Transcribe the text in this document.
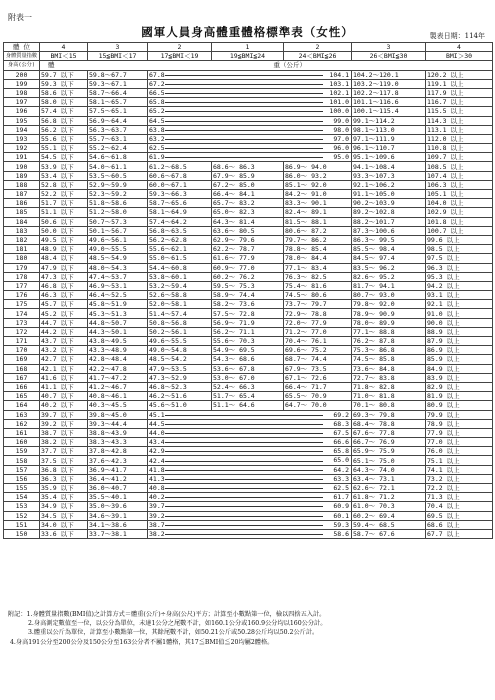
附表一
國軍人員身高體重體格標準表（女性）	製表日期：114年
體 位	4	3	2	1	2	3	4
身體質量指數	BMI＜15	15≦BMI＜17	17≦BMI＜19	19≦BMI≦24	24＜BMI≦26	26＜BMI≦30	BMI＞30
身高(公分)	體	重（公斤）					
200	59.7 以下	59.8～67.7	67.8 104.1			104.2～120.1	120.2 以上
199	59.3 以下	59.3～67.1	67.2 103.1			103.2～119.0	119.1 以上
198	58.6 以下	58.7～66.4	66.5 102.1			102.2～117.8	117.9 以上
197	58.0 以下	58.1～65.7	65.8 101.0			101.1～116.6	116.7 以上
196	57.4 以下	57.5～65.1	65.2 100.0			100.1～115.4	115.5 以上
195	56.8 以下	56.9～64.4	64.5 99.0			99.1～114.2	114.3 以上
194	56.2 以下	56.3～63.7	63.8 98.0			98.1～113.0	113.1 以上
193	55.6 以下	55.7～63.1	63.2 97.0			97.1～111.9	112.0 以上
192	55.1 以下	55.2～62.4	62.5 96.0			96.1～110.7	110.8 以上
191	54.5 以下	54.6～61.8	61.9 95.0			95.1～109.6	109.7 以上
190	53.9 以下	54.0～61.1	61.2～68.5	68.6～ 86.3	86.9～ 94.0	94.1～108.4	108.5 以上
189	53.4 以下	53.5～60.5	60.6～67.8	67.9～ 85.9	86.0～ 93.2	93.3～107.3	107.4 以上
188	52.8 以下	52.9～59.9	60.0～67.1	67.2～ 85.0	85.1～ 92.0	92.1～106.2	106.3 以上
187	52.2 以下	52.3～59.2	59.3～66.3	66.4～ 84.1	84.2～ 91.0	91.1～105.0	105.1 以上
186	51.7 以下	51.8～58.6	58.7～65.6	65.7～ 83.2	83.3～ 90.1	90.2～103.9	104.0 以上
185	51.1 以下	51.2～58.0	58.1～64.9	65.0～ 82.3	82.4～ 89.1	89.2～102.8	102.9 以上
184	50.6 以下	50.7～57.3	57.4～64.2	64.3～ 81.4	81.5～ 88.1	88.2～101.7	101.8 以上
183	50.0 以下	50.1～56.7	56.8～63.5	63.6～ 80.5	80.6～ 87.2	87.3～100.6	100.7 以上
182	49.5 以下	49.6～56.1	56.2～62.8	62.9～ 79.6	79.7～ 86.2	86.3～ 99.5	99.6 以上
181	48.9 以下	49.0～55.5	55.6～62.1	62.2～ 78.7	78.8～ 85.4	85.5～ 98.4	98.5 以上
180	48.4 以下	48.5～54.9	55.0～61.5	61.6～ 77.9	78.0～ 84.4	84.5～ 97.4	97.5 以上
179	47.9 以下	48.0～54.3	54.4～60.8	60.9～ 77.0	77.1～ 83.4	83.5～ 96.2	96.3 以上
178	47.3 以下	47.4～53.7	53.8～60.1	60.2～ 76.2	76.3～ 82.5	82.6～ 95.2	95.3 以上
177	46.8 以下	46.9～53.1	53.2～59.4	59.5～ 75.3	75.4～ 81.6	81.7～ 94.1	94.2 以上
176	46.3 以下	46.4～52.5	52.6～58.8	58.9～ 74.4	74.5～ 80.6	80.7～ 93.0	93.1 以上
175	45.7 以下	45.8～51.9	52.0～58.1	58.2～ 73.6	73.7～ 79.7	79.8～ 92.0	92.1 以上
174	45.2 以下	45.3～51.3	51.4～57.4	57.5～ 72.8	72.9～ 78.8	78.9～ 90.9	91.0 以上
173	44.7 以下	44.8～50.7	50.8～56.8	56.9～ 71.9	72.0～ 77.9	78.0～ 89.9	90.0 以上
172	44.2 以下	44.3～50.1	50.2～56.1	56.2～ 71.1	71.2～ 77.0	77.1～ 88.8	88.9 以上
171	43.7 以下	43.8～49.5	49.6～55.5	55.6～ 70.3	70.4～ 76.1	76.2～ 87.8	87.9 以上
170	43.2 以下	43.3～48.9	49.0～54.8	54.9～ 69.5	69.6～ 75.2	75.3～ 86.8	86.9 以上
169	42.7 以下	42.8～48.4	48.5～54.2	54.3～ 68.6	68.7～ 74.4	74.5～ 85.8	85.9 以上
168	42.1 以下	42.2～47.8	47.9～53.5	53.6～ 67.8	67.9～ 73.5	73.6～ 84.8	84.9 以上
167	41.6 以下	41.7～47.2	47.3～52.9	53.0～ 67.0	67.1～ 72.6	72.7～ 83.8	83.9 以上
166	41.1 以下	41.2～46.7	46.8～52.3	52.4～ 66.3	66.4～ 71.7	71.8～ 82.8	82.9 以上
165	40.7 以下	40.8～46.1	46.2～51.6	51.7～ 65.4	65.5～ 70.9	71.0～ 81.8	81.9 以上
164	40.2 以下	40.3～45.5	45.6～51.0	51.1～ 64.6	64.7～ 70.0	70.1～ 80.8	80.9 以上
163	39.7 以下	39.8～45.0	45.1 69.2			69.3～ 79.8	79.9 以上
162	39.2 以下	39.3～44.4	44.5 68.3			68.4～ 78.8	78.9 以上
161	38.7 以下	38.8～43.9	44.0 67.5			67.6～ 77.8	77.9 以上
160	38.2 以下	38.3～43.3	43.4 66.6			66.7～ 76.9	77.0 以上
159	37.7 以下	37.8～42.8	42.9 65.8			65.9～ 75.9	76.0 以上
158	37.5 以下	37.6～42.3	42.4 65.0			65.1～ 75.0	75.1 以上
157	36.8 以下	36.9～41.7	41.8 64.2			64.3～ 74.0	74.1 以上
156	36.3 以下	36.4～41.2	41.3 63.3			63.4～ 73.1	73.2 以上
155	35.9 以下	36.0～40.7	40.8 62.5			62.6～ 72.1	72.2 以上
154	35.4 以下	35.5～40.1	40.2 61.7			61.8～ 71.2	71.3 以上
153	34.9 以下	35.0～39.6	39.7 60.9			61.0～ 70.3	70.4 以上
152	34.5 以下	34.6～39.1	39.2 60.1			60.2～ 69.4	69.5 以上
151	34.0 以下	34.1～38.6	38.7 59.3			59.4～ 68.5	68.6 以上
150	33.6 以下	33.7～38.1	38.2 58.6			58.7～ 67.6	67.7 以上
附記：1.身體質量指數(BMI值)之計算方式＝體重(公斤)÷身高(公尺)平方；計算至小數點第一位，檢以四捨五入計。
2.身高測定數值至一位，以公分為單位，未達1公分之尾數不計，如160.1公分或160.9公分均以160公分計。
3.體重以公斤為單位，計算至小數點第一位，其餘尾數不計，如50.21公斤或50.28公斤均以50.2公斤計。
4.身高191公分至200公分及150公分至163公分者不屬1體格，其17≦BMI值≦20均屬2體格。
